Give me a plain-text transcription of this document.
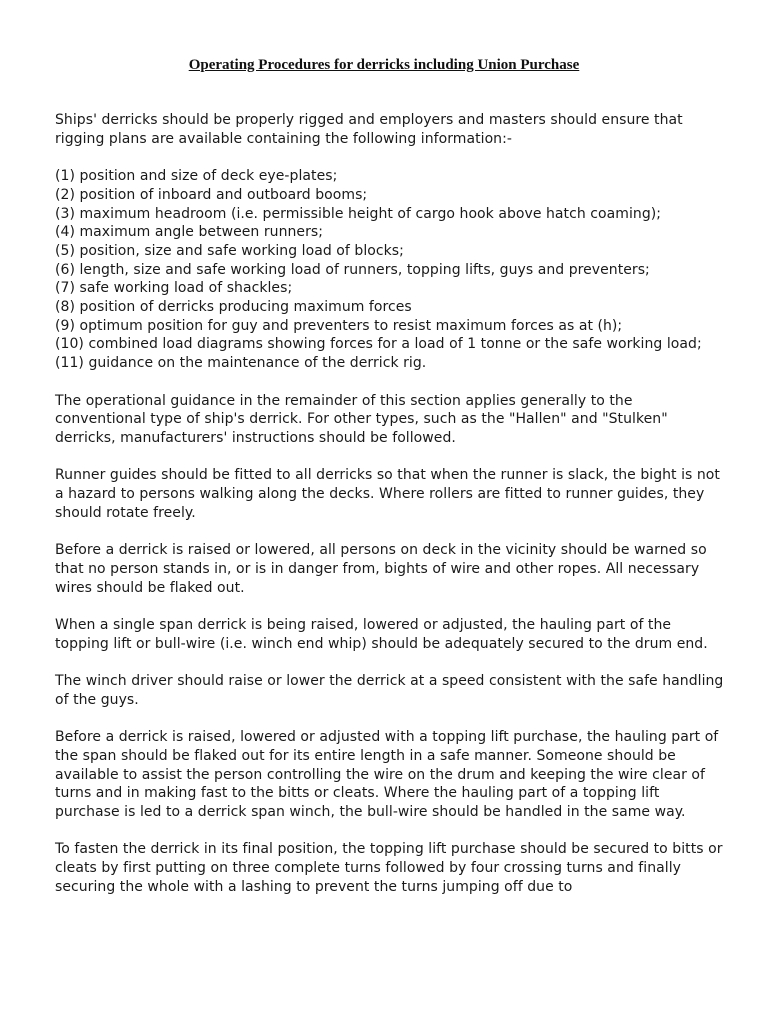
Operating Procedures for derricks including Union Purchase

Ships' derricks should be properly rigged and employers and masters should ensure that rigging plans are available containing the following information:-

(1) position and size of deck eye-plates;
(2) position of inboard and outboard booms;
(3) maximum headroom (i.e. permissible height of cargo hook above hatch coaming);
(4) maximum angle between runners;
(5) position, size and safe working load of blocks;
(6) length, size and safe working load of runners, topping lifts, guys and preventers;
(7) safe working load of shackles;
(8) position of derricks producing maximum forces
(9) optimum position for guy and preventers to resist maximum forces as at (h);
(10) combined load diagrams showing forces for a load of 1 tonne or the safe working load;
(11) guidance on the maintenance of the derrick rig.

The operational guidance in the remainder of this section applies generally to the conventional type of ship's derrick. For other types, such as the "Hallen" and "Stulken" derricks, manufacturers' instructions should be followed.

Runner guides should be fitted to all derricks so that when the runner is slack, the bight is not a hazard to persons walking along the decks. Where rollers are fitted to runner guides, they should rotate freely.

Before a derrick is raised or lowered, all persons on deck in the vicinity should be warned so that no person stands in, or is in danger from, bights of wire and other ropes. All necessary wires should be flaked out.

When a single span derrick is being raised, lowered or adjusted, the hauling part of the topping lift or bull-wire (i.e. winch end whip) should be adequately secured to the drum end.

The winch driver should raise or lower the derrick at a speed consistent with the safe handling of the guys.

Before a derrick is raised, lowered or adjusted with a topping lift purchase, the hauling part of the span should be flaked out for its entire length in a safe manner. Someone should be available to assist the person controlling the wire on the drum and keeping the wire clear of turns and in making fast to the bitts or cleats. Where the hauling part of a topping lift purchase is led to a derrick span winch, the bull-wire should be handled in the same way.

To fasten the derrick in its final position, the topping lift purchase should be secured to bitts or cleats by first putting on three complete turns followed by four crossing turns and finally securing the whole with a lashing to prevent the turns jumping off due to
